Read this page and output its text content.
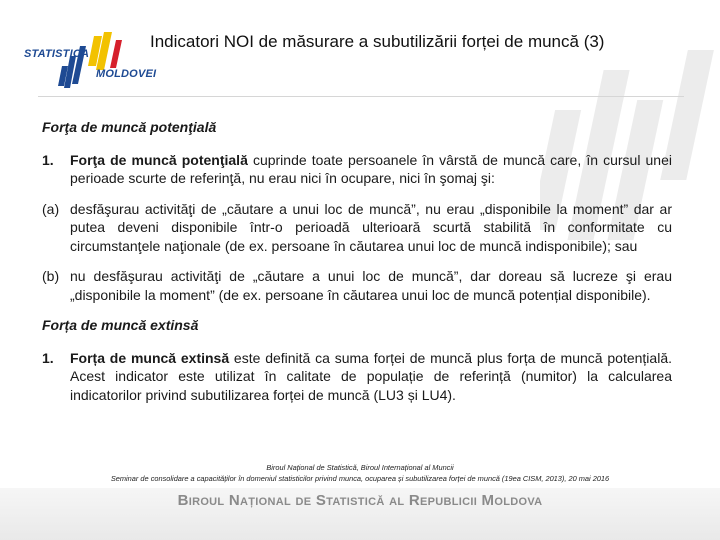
STATISTICA
MOLDOVEI
Indicatori NOI de măsurare a subutilizării forței de muncă (3)
Forţa de muncă potenţială
1.	Forţa de muncă potenţială cuprinde toate persoanele în vârstă de muncă care, în cursul unei perioade scurte de referinţă, nu erau nici în ocupare, nici în şomaj şi:
(a) desfăşurau activităţi de „căutare a unui loc de muncă”, nu erau „disponibile la moment” dar ar putea deveni disponibile într-o perioadă ulterioară scurtă stabilită în conformitate cu circumstanţele naţionale (de ex. persoane în căutarea unui loc de muncă indisponibile); sau
(b) nu desfăşurau activităţi de „căutare a unui loc de muncă”, dar doreau să lucreze şi erau „disponibile la moment” (de ex. persoane în căutarea unui loc de muncă potențial disponibile).
Forța de muncă extinsă
1.	Forța de muncă extinsă este definită ca suma forței de muncă plus forța de muncă potențială. Acest indicator este utilizat în calitate de populație de referință (numitor) la calcularea indicatorilor privind subutilizarea forței de muncă (LU3 și LU4).
Biroul Național de Statistică, Biroul Internațional al Muncii
Seminar de consolidare a capacităților în domeniul statisticilor privind munca, ocuparea și subutilizarea forței de muncă (19ea CISM, 2013), 20 mai 2016
Biroul Național de Statistică al Republicii Moldova
